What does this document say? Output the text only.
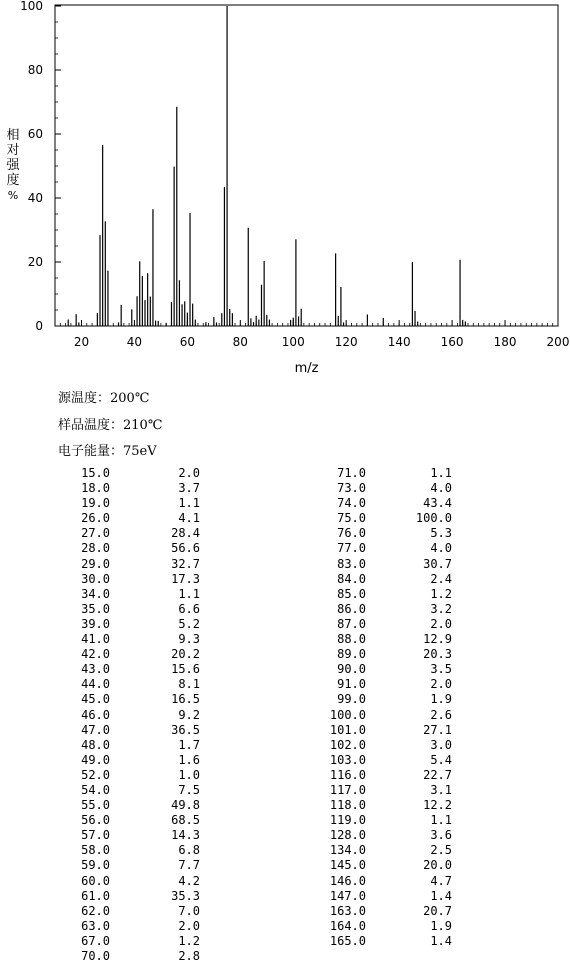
20	40	60	80	100	120	140	160	180	200
0
20
40
60
80
100
m/z
相
对
强
度
%
源温度：200℃
样品温度：210℃
电子能量：75eV
15.0	2.0
18.0	3.7
19.0	1.1
26.0	4.1
27.0	28.4
28.0	56.6
29.0	32.7
30.0	17.3
34.0	1.1
35.0	6.6
39.0	5.2
41.0	9.3
42.0	20.2
43.0	15.6
44.0	8.1
45.0	16.5
46.0	9.2
47.0	36.5
48.0	1.7
49.0	1.6
52.0	1.0
54.0	7.5
55.0	49.8
56.0	68.5
57.0	14.3
58.0	6.8
59.0	7.7
60.0	4.2
61.0	35.3
62.0	7.0
63.0	2.0
67.0	1.2
70.0	2.8
71.0	1.1
73.0	4.0
74.0	43.4
75.0	100.0
76.0	5.3
77.0	4.0
83.0	30.7
84.0	2.4
85.0	1.2
86.0	3.2
87.0	2.0
88.0	12.9
89.0	20.3
90.0	3.5
91.0	2.0
99.0	1.9
100.0	2.6
101.0	27.1
102.0	3.0
103.0	5.4
116.0	22.7
117.0	3.1
118.0	12.2
119.0	1.1
128.0	3.6
134.0	2.5
145.0	20.0
146.0	4.7
147.0	1.4
163.0	20.7
164.0	1.9
165.0	1.4
